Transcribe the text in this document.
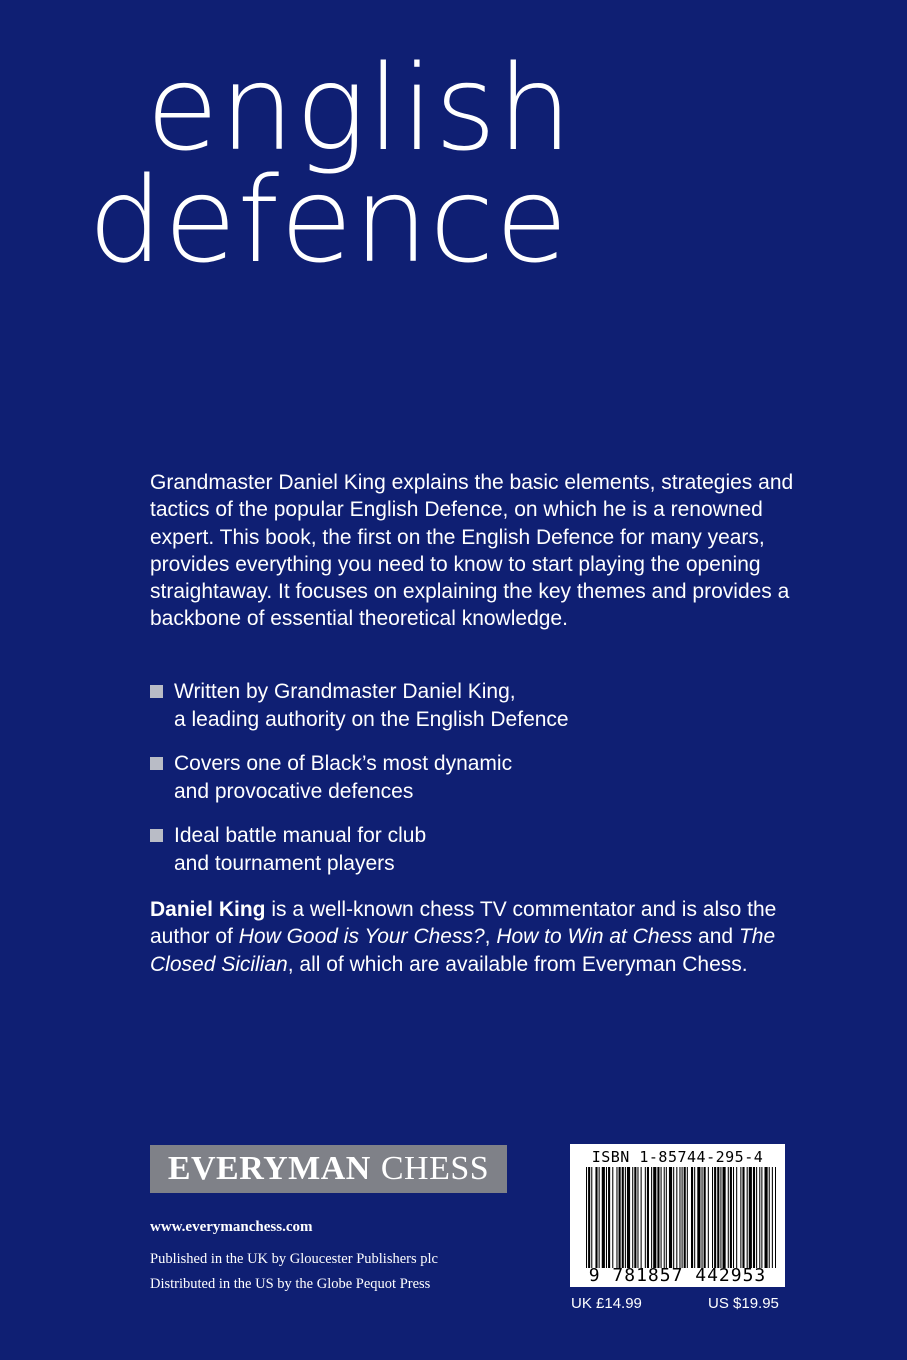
english
defence

Grandmaster Daniel King explains the basic elements, strategies and tactics of the popular English Defence, on which he is a renowned expert. This book, the first on the English Defence for many years, provides everything you need to know to start playing the opening straightaway. It focuses on explaining the key themes and provides a backbone of essential theoretical knowledge.

Written by Grandmaster Daniel King,
a leading authority on the English Defence
Covers one of Black’s most dynamic
and provocative defences
Ideal battle manual for club
and tournament players

Daniel King is a well-known chess TV commentator and is also the author of How Good is Your Chess?, How to Win at Chess and The Closed Sicilian, all of which are available from Everyman Chess.

EVERYMAN CHESS
www.everymanchess.com
Published in the UK by Gloucester Publishers plc
Distributed in the US by the Globe Pequot Press
ISBN 1-85744-295-4
9 781857 442953
UK £14.99	US $19.95
